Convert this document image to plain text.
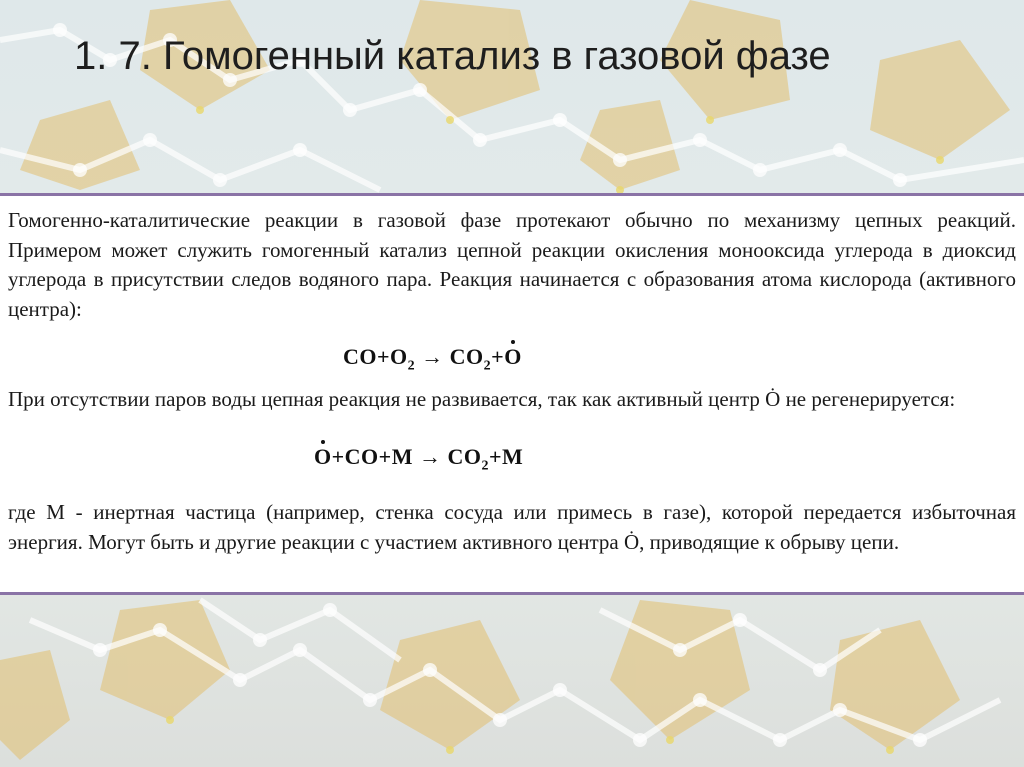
1. 7. Гомогенный катализ в газовой фазе

Гомогенно-каталитические реакции в газовой фазе протекают обычно по механизму цепных реакций. Примером может служить гомогенный катализ цепной реакции окисления монооксида углерода в диоксид углерода в присутствии следов водяного пара. Реакция начинается с образования атома кислорода (активного центра):

$CO+O_2 \to CO_2+O$

При отсутствии паров воды цепная реакция не развивается, так как активный центр Ȯ не регенерируется:

$O+CO+M \to CO_2+M$

где М - инертная частица (например, стенка сосуда или примесь в газе), которой передается избыточная энергия. Могут быть и другие реакции с участием активного центра Ȯ, приводящие к обрыву цепи.
